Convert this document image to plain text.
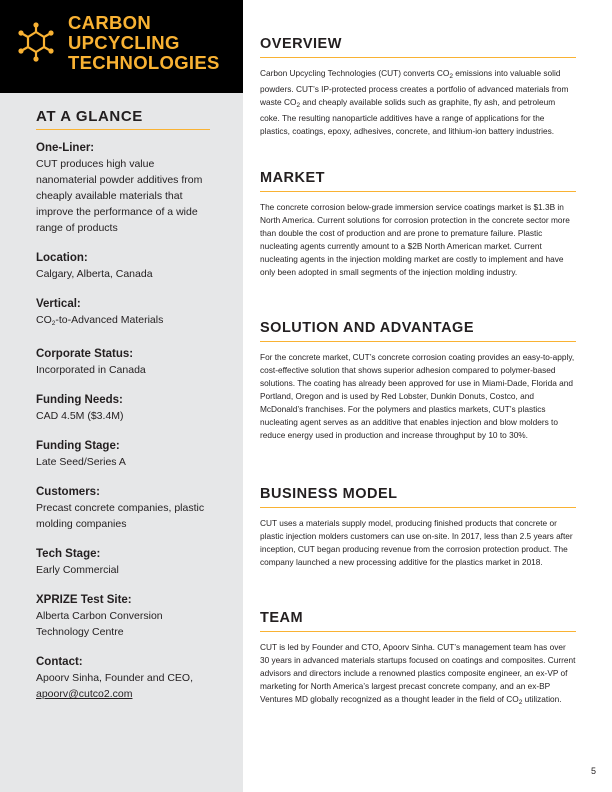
CARBON
UPCYCLING
TECHNOLOGIES
AT A GLANCE
One-Liner:
CUT produces high value nanomaterial powder additives from cheaply available materials that improve the performance of a wide range of products
Location:
Calgary, Alberta, Canada
Vertical:
$CO_2-to$-Advanced Materials
Corporate Status:
Incorporated in Canada
Funding Needs:
CAD 4.5M ($3.4M)
Funding Stage:
Late Seed/Series A
Customers:
Precast concrete companies, plastic molding companies
Tech Stage:
Early Commercial
XPRIZE Test Site:
Alberta Carbon Conversion Technology Centre
Contact:
Apoorv Sinha, Founder and CEO,
apoorv@cutco2.com
OVERVIEW

Carbon Upcycling Technologies (CUT) converts $CO_2$ emissions into valuable solid powders. CUT’s IP-protected process creates a portfolio of advanced materials from waste $CO_2$ and cheaply available solids such as graphite, fly ash, and petroleum coke. The resulting nanoparticle additives have a range of applications for the plastics, coatings, epoxy, adhesives, concrete, and lithium-ion battery industries.

MARKET

The concrete corrosion below-grade immersion service coatings market is $1.3B in North America. Current solutions for corrosion protection in the concrete sector more than double the cost of production and are prone to premature failure. Plastic nucleating agents currently amount to a $2B North American market. Current nucleating agents in the injection molding market are costly to implement and have only been adopted in small segments of the injection molding industry.

SOLUTION AND ADVANTAGE

For the concrete market, CUT’s concrete corrosion coating provides an easy-to-apply, cost-effective solution that shows superior adhesion compared to polymer-based solutions. The coating has already been approved for use in Miami-Dade, Florida and Portland, Oregon and is used by Red Lobster, Dunkin Donuts, Costco, and McDonald’s franchises. For the polymers and plastics markets, CUT’s plastics nucleating agent serves as an additive that enables injection and blow molders to reduce energy used in production and increase throughput by 10 to 30%.

BUSINESS MODEL

CUT uses a materials supply model, producing finished products that concrete or plastic injection molders customers can use on-site. In 2017, less than 2.5 years after inception, CUT began producing revenue from the corrosion protection product. The company launched a new processing additive for the plastics market in 2018.

TEAM

CUT is led by Founder and CTO, Apoorv Sinha. CUT’s management team has over 30 years in advanced materials startups focused on coatings and composites. Current advisors and directors include a renowned plastics composite engineer, an ex-VP of marketing for North America’s largest precast concrete company, and an ex-BP Ventures MD globally recognized as a thought leader in the field of $CO_2$ utilization.

5
